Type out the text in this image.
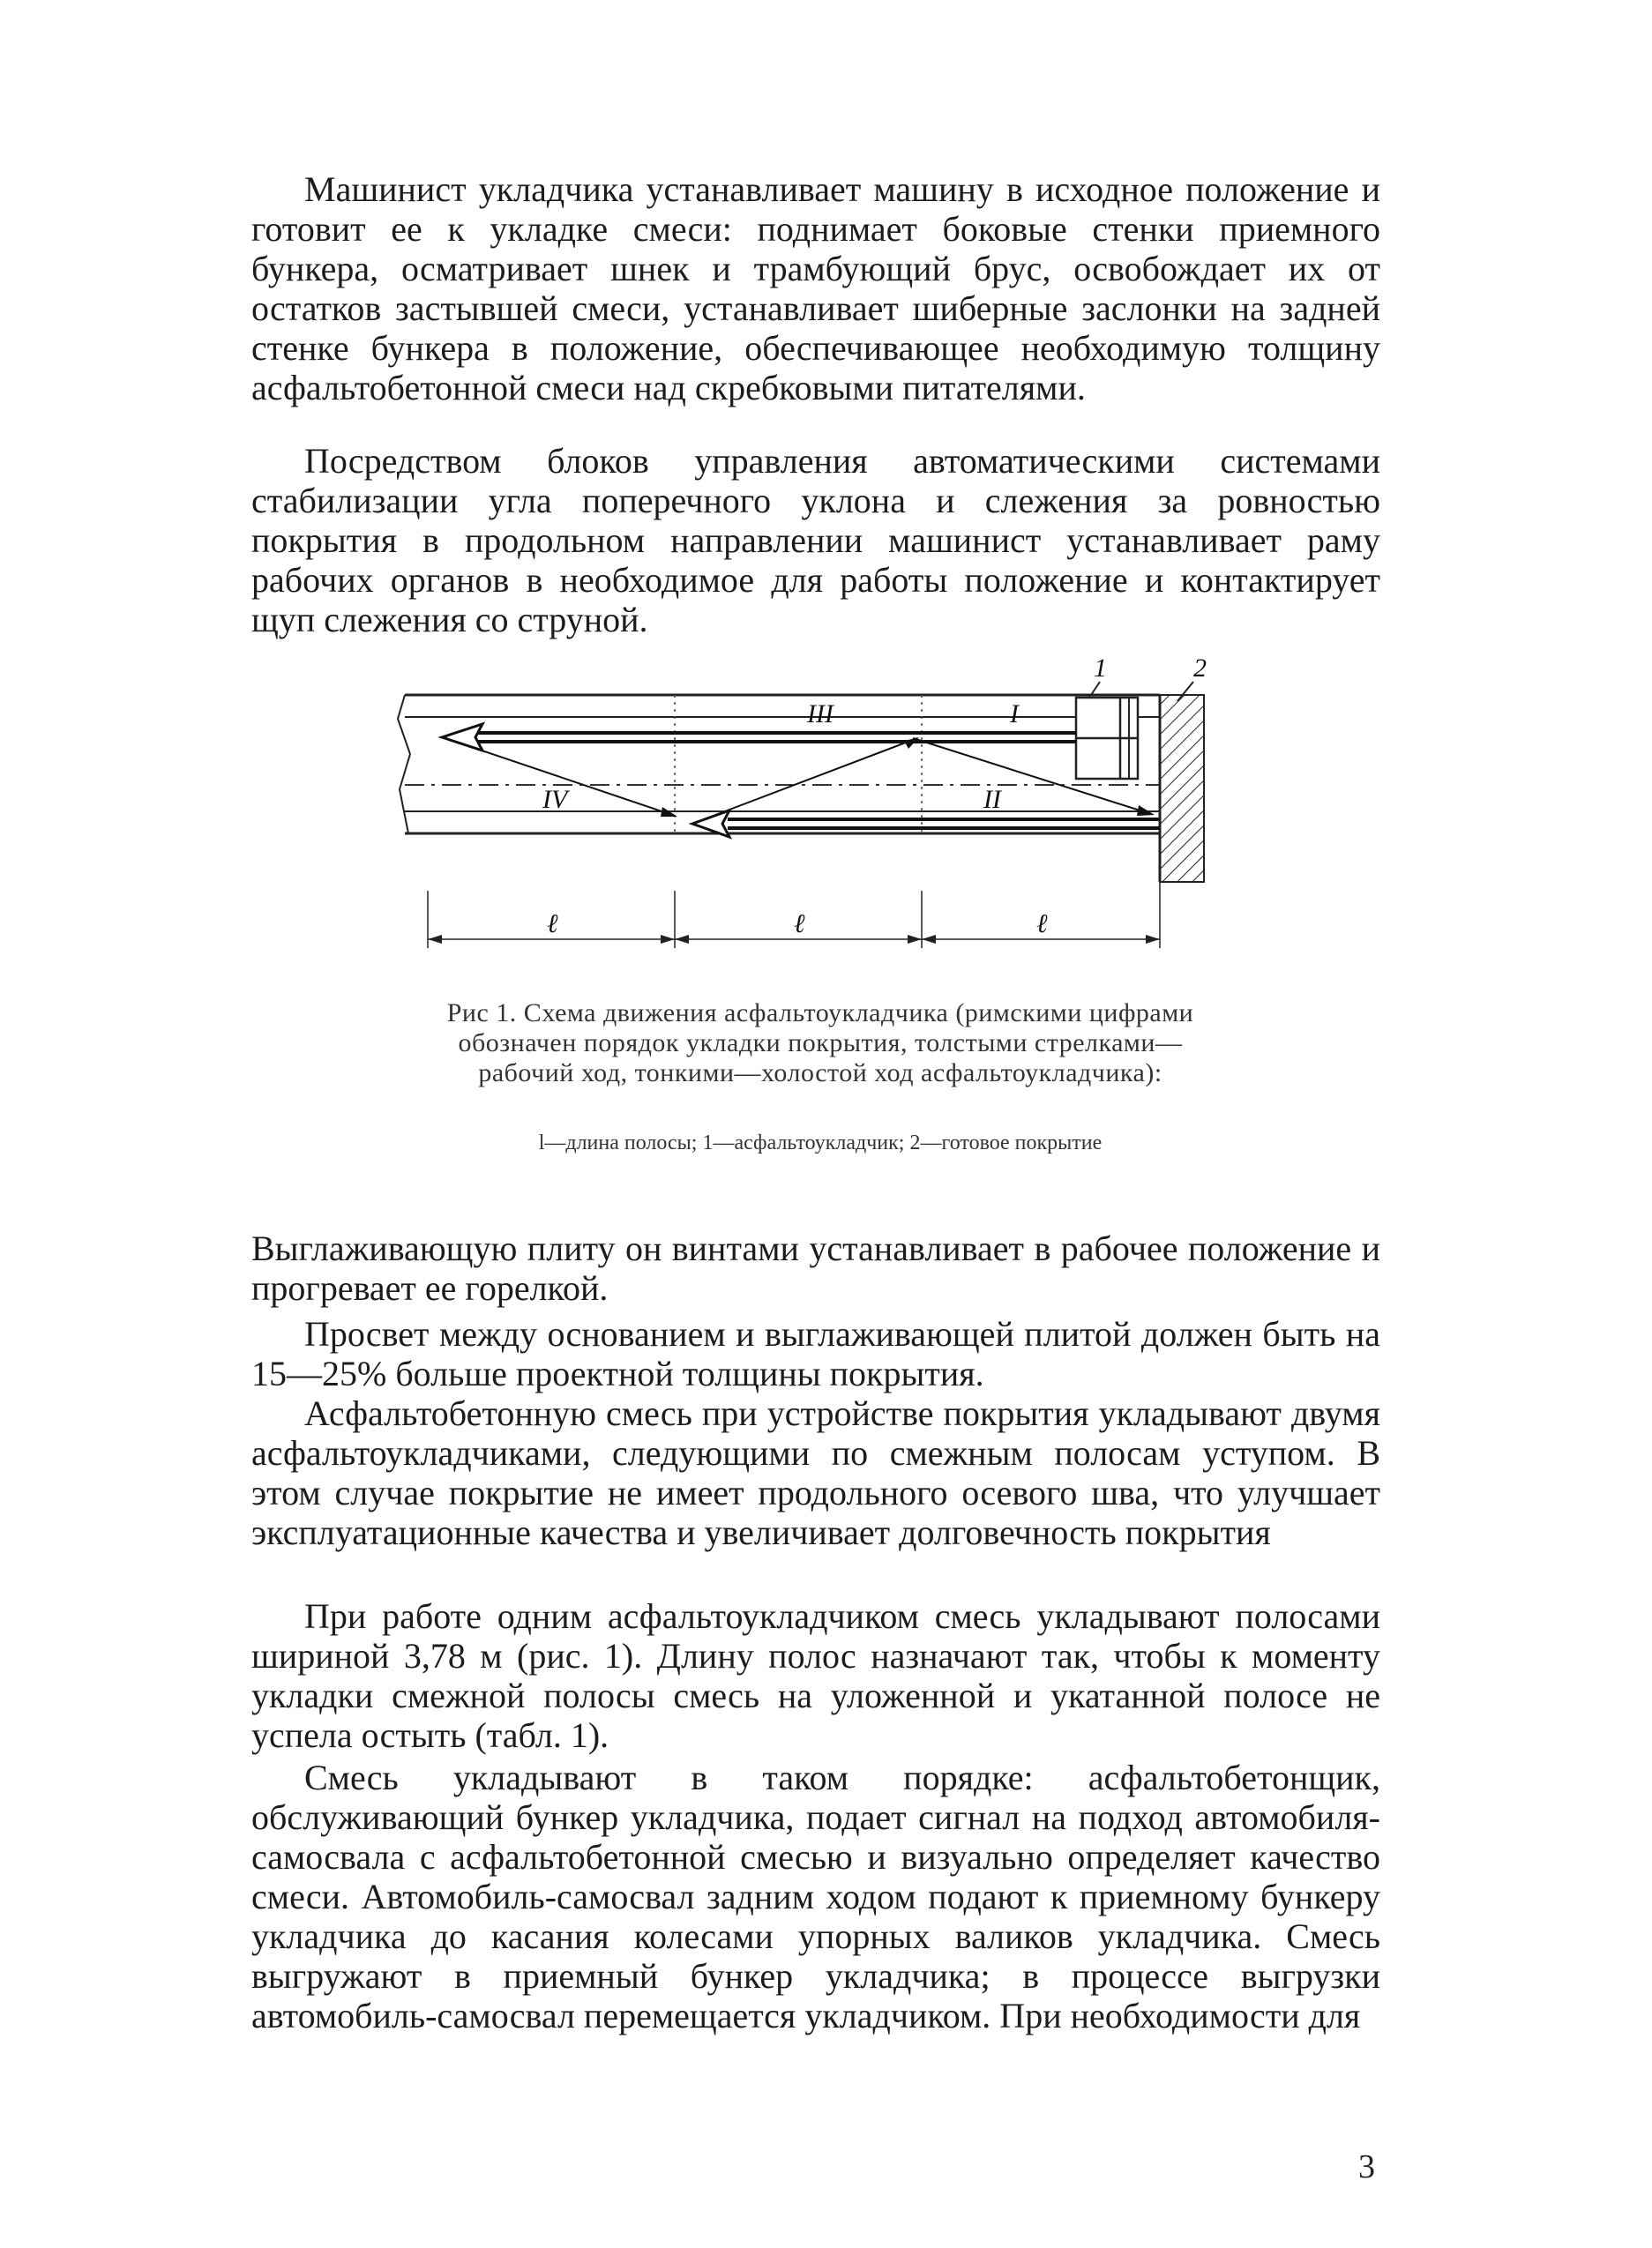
Машинист укладчика устанавливает машину в исходное положение и готовит ее к укладке смеси: поднимает боковые стенки приемного бункера, осматривает шнек и трамбующий брус, освобождает их от остатков застывшей смеси, устанавливает шиберные заслонки на задней стенке бункера в положение, обеспечивающее необходимую толщину асфальтобетонной смеси над скребковыми питателями.

Посредством блоков управления автоматическими системами стабилизации угла поперечного уклона и слежения за ровностью покрытия в продольном направлении машинист устанавливает раму рабочих органов в необходимое для работы положение и контактирует щуп слежения со струной.

III	I
IV	II
1	2
ℓ	ℓ	ℓ

Рис 1. Схема движения асфальтоукладчика (римскими цифрами обозначен порядок укладки покрытия, толстыми стрелками—рабочий ход, тонкими—холостой ход асфальтоукладчика):

l—длина полосы; 1—асфальтоукладчик; 2—готовое покрытие

Выглаживающую плиту он винтами устанавливает в рабочее положение и прогревает ее горелкой.

Просвет между основанием и выглаживающей плитой должен быть на 15—25% больше проектной толщины покрытия.

Асфальтобетонную смесь при устройстве покрытия укладывают двумя асфальтоукладчиками, следующими по смежным полосам уступом. В этом случае покрытие не имеет продольного осевого шва, что улучшает эксплуатационные качества и увеличивает долговечность покрытия

При работе одним асфальтоукладчиком смесь укладывают полосами шириной 3,78 м (рис. 1). Длину полос назначают так, чтобы к моменту укладки смежной полосы смесь на уложенной и укатанной полосе не успела остыть (табл. 1).

Смесь укладывают в таком порядке: асфальтобетонщик, обслуживающий бункер укладчика, подает сигнал на подход автомобиля-самосвала с асфальтобетонной смесью и визуально определяет качество смеси. Автомобиль-самосвал задним ходом подают к приемному бункеру укладчика до касания колесами упорных валиков укладчика. Смесь выгружают в приемный бункер укладчика; в процессе выгрузки автомобиль-самосвал перемещается укладчиком. При необходимости для

3
